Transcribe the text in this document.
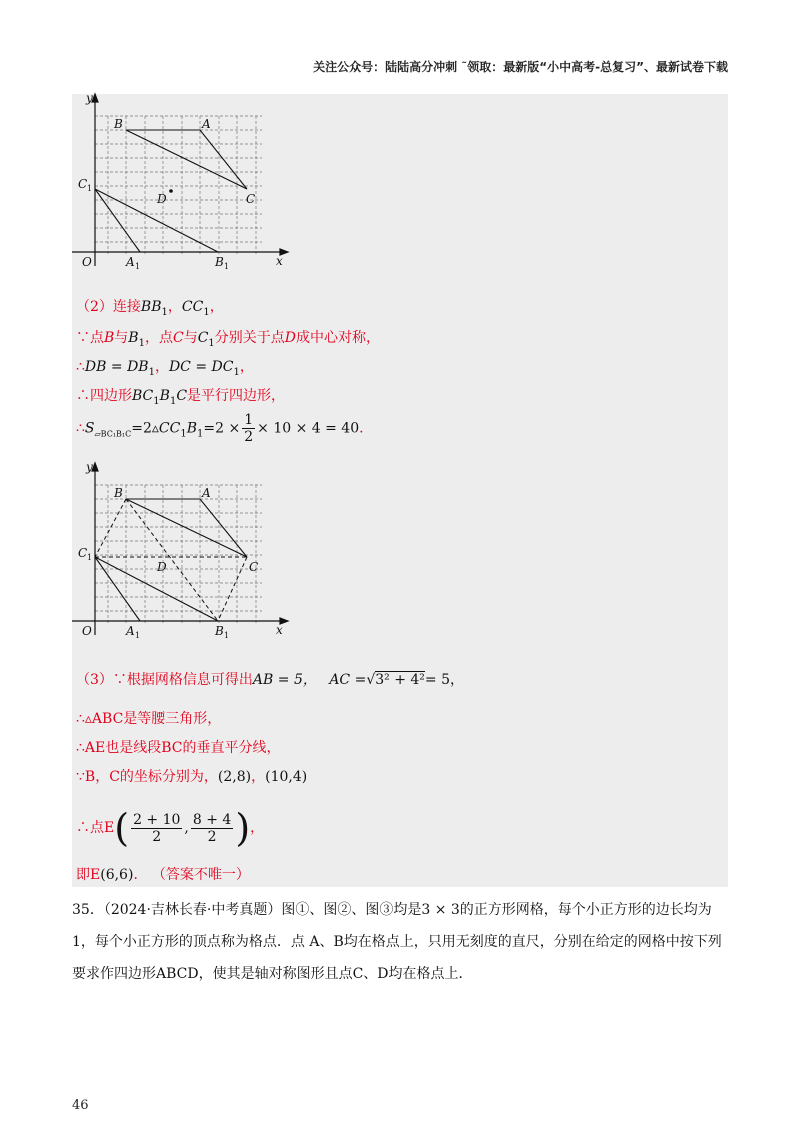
关注公众号：陆陆高分冲刺 ˜领取：最新版“小中高考-总复习”、最新试卷下载
y
x
O	A 1	B 1
C 1
B	A
C
D
（2）连接$BB_1$，$CC_1$，
∵点B与$B_1$，点C与$C_1$分别关于点D成中心对称，
∴DB = $DB_1$，DC = $DC_1$，
∴四边形$BC_1B_1C$是平行四边形，
$\therefore S_{▱BC_1B_1C}=2▵CC_1B_1=2 \times \frac{1}{2} \times 10 \times 4 = 40$.
y
x
O	A 1	B 1
C 1
B	A
C
D
（3）∵根据网格信息可得出AB = 5， AC =√3² + 4²= 5，
∴▵ABC是等腰三角形，
∴AE也是线段BC的垂直平分线，
∵B，C的坐标分别为，(2,8)，(10,4)
∴点$E( \frac{2 + 10}{2}$ , $\frac{8 + 4}{2}$ )，
即E(6,6)． （答案不唯一）
35．（2024·吉林长春·中考真题）图①、图②、图③均是3 × 3的正方形网格，每个小正方形的边长均为
1，每个小正方形的顶点称为格点．点 A、B均在格点上，只用无刻度的直尺，分别在给定的网格中按下列
要求作四边形ABCD，使其是轴对称图形且点C、D均在格点上．
46
